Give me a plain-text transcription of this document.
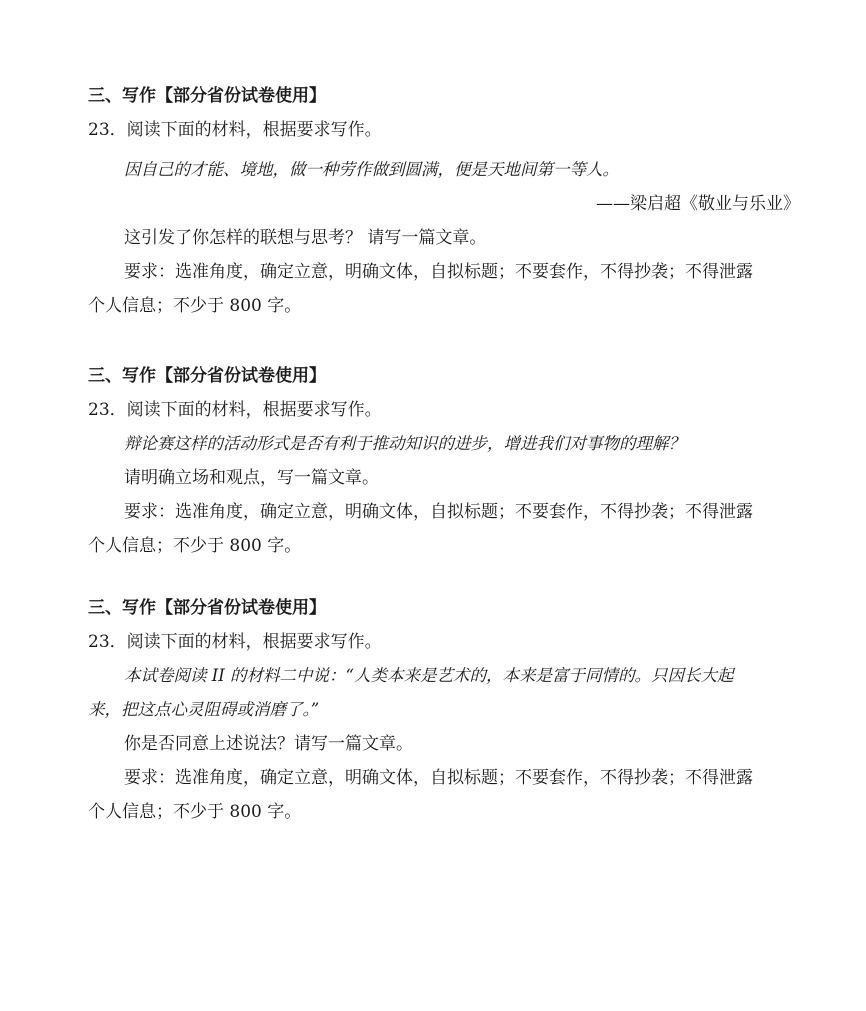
三、写作【部分省份试卷使用】
23．阅读下面的材料，根据要求写作。
因自己的才能、境地，做一种劳作做到圆满，便是天地间第一等人。
——梁启超《敬业与乐业》
这引发了你怎样的联想与思考？ 请写一篇文章。
要求：选准角度，确定立意，明确文体，自拟标题；不要套作，不得抄袭；不得泄露
个人信息；不少于 800 字。
三、写作【部分省份试卷使用】
23．阅读下面的材料，根据要求写作。
辩论赛这样的活动形式是否有利于推动知识的进步，增进我们对事物的理解？
请明确立场和观点，写一篇文章。
要求：选准角度，确定立意，明确文体，自拟标题；不要套作，不得抄袭；不得泄露
个人信息；不少于 800 字。
三、写作【部分省份试卷使用】
23．阅读下面的材料，根据要求写作。
本试卷阅读 II 的材料二中说：“人类本来是艺术的，本来是富于同情的。只因长大起
来，把这点心灵阻碍或消磨了。”
你是否同意上述说法？请写一篇文章。
要求：选准角度，确定立意，明确文体，自拟标题；不要套作，不得抄袭；不得泄露
个人信息；不少于 800 字。
